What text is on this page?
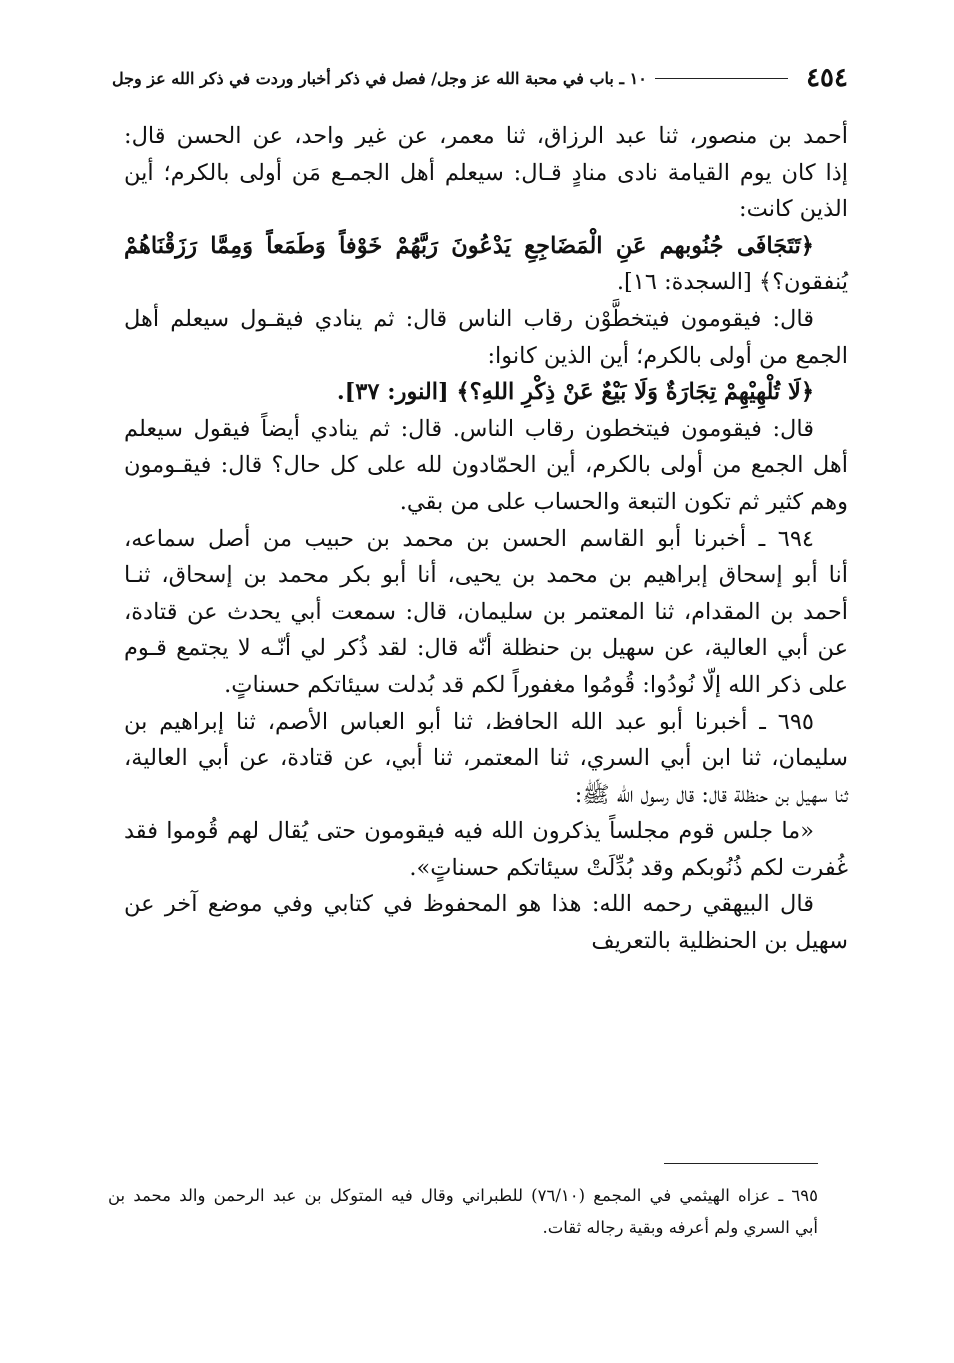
٤٥٤
١٠ ـ باب في محبة الله عز وجل/ فصل في ذكر أخبار وردت في ذكر الله عز وجل
أحمد بن منصور، ثنا عبد الرزاق، ثنا معمر، عن غير واحد، عن الحسن قال:
إذا كان يوم القيامة نادى منادٍ قـال: سيعلم أهل الجمـع مَن أولى بالكرم؛ أين
الذين كانت:
﴿تَتَجَافَى جُنُوبهم عَنِ الْمَضَاجِعِ يَدْعُونَ رَبَّهُمْ خَوْفاً وَطَمَعاً وَمِمَّا رَزَقْنَاهُمْ
يُنفقون؟﴾ [السجدة: ١٦].
قال: فيقومون فيتخطَّوْن رقاب الناس قال: ثم ينادي فيقـول سيعلم أهل
الجمع من أولى بالكرم؛ أين الذين كانوا:
﴿لَا تُلْهِيْهِمْ تِجَارَةٌ وَلَا بَيْعٌ عَنْ ذِكْرِ اللهِ؟﴾ [النور: ٣٧].
قال: فيقومون فيتخطون رقاب الناس. قال: ثم ينادي أيضاً فيقول سيعلم
أهل الجمع من أولى بالكرم، أين الحمّادون لله على كل حال؟ قال: فيقـومون
وهم كثير ثم تكون التبعة والحساب على من بقي.
٦٩٤ ـ أخبرنا أبو القاسم الحسن بن محمد بن حبيب من أصل سماعه،
أنا أبو إسحاق إبراهيم بن محمد بن يحيى، أنا أبو بكر محمد بن إسحاق، ثنـا
أحمد بن المقدام، ثنا المعتمر بن سليمان، قال: سمعت أبي يحدث عن قتادة،
عن أبي العالية، عن سهيل بن حنظلة أنّه قال: لقد ذُكر لي أنّـه لا يجتمع قـوم
على ذكر الله إلّا نُودُوا: قُومُوا مغفوراً لكم قد بُدلت سيئاتكم حسناتٍ.
٦٩٥ ـ أخبرنا أبو عبد الله الحافظ، ثنا أبو العباس الأصم، ثنا إبراهيم بن
سليمان، ثنا ابن أبي السري، ثنا المعتمر، ثنا أبي، عن قتادة، عن أبي العالية،
ثنا سهيل بن حنظلة قال: قال رسول الله ﷺ:
«ما جلس قوم مجلساً يذكرون الله فيه فيقومون حتى يُقال لهم قُوموا فقد
غُفرت لكم ذُنُوبكم وقد بُدِّلَتْ سيئاتكم حسناتٍ».
قال البيهقي رحمه الله: هذا هو المحفوظ في كتابي وفي موضع آخر عن
سهيل بن الحنظلية بالتعريف
٦٩٥ ـ عزاه الهيثمي في المجمع (٧٦/١٠) للطبراني وقال فيه المتوكل بن عبد الرحمن والد محمد بن
أبي السري ولم أعرفه وبقية رجاله ثقات.
